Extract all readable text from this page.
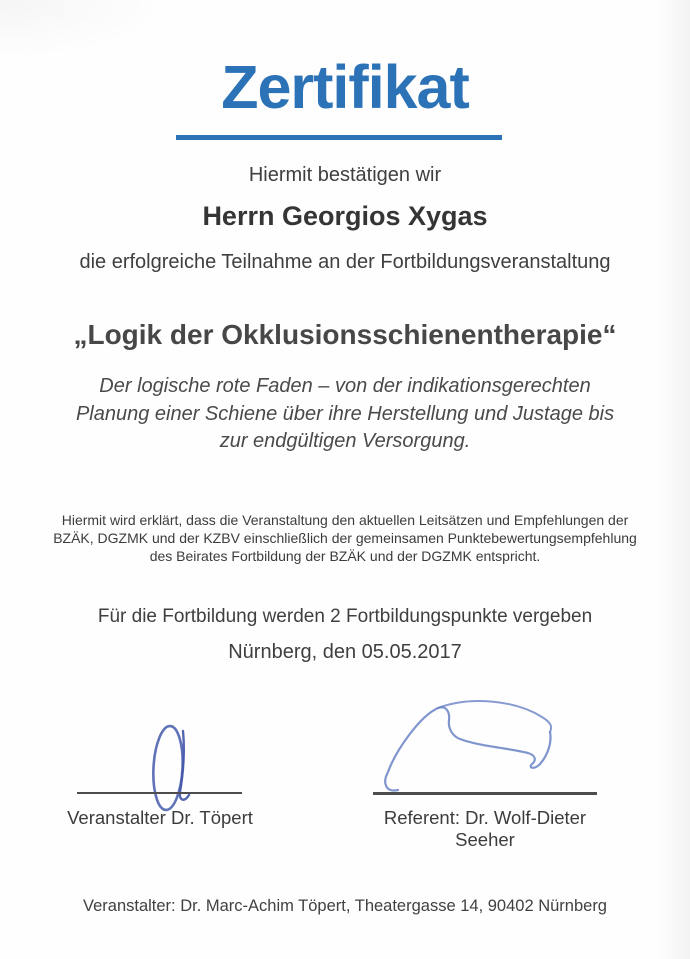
Zertifikat
Hiermit bestätigen wir
Herrn Georgios Xygas
die erfolgreiche Teilnahme an der Fortbildungsveranstaltung
„Logik der Okklusionsschienentherapie“
Der logische rote Faden – von der indikationsgerechten
Planung einer Schiene über ihre Herstellung und Justage bis
zur endgültigen Versorgung.
Hiermit wird erklärt, dass die Veranstaltung den aktuellen Leitsätzen und Empfehlungen der
BZÄK, DGZMK und der KZBV einschließlich der gemeinsamen Punktebewertungsempfehlung
des Beirates Fortbildung der BZÄK und der DGZMK entspricht.
Für die Fortbildung werden 2 Fortbildungspunkte vergeben
Nürnberg, den 05.05.2017
Veranstalter Dr. Töpert	Referent: Dr. Wolf-Dieter Seeher
Veranstalter: Dr. Marc-Achim Töpert, Theatergasse 14, 90402 Nürnberg
